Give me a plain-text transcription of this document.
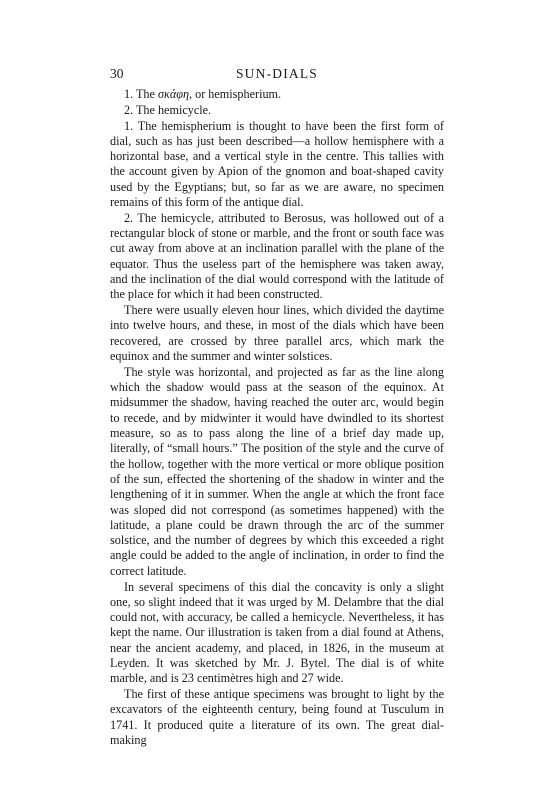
30	SUN-DIALS

1. The σκάφη, or hemispherium.

2. The hemicycle.

1. The hemispherium is thought to have been the first form of dial, such as has just been described—a hollow hemisphere with a horizontal base, and a vertical style in the centre. This tallies with the account given by Apion of the gnomon and boat-shaped cavity used by the Egyptians; but, so far as we are aware, no specimen remains of this form of the antique dial.

2. The hemicycle, attributed to Berosus, was hollowed out of a rectangular block of stone or marble, and the front or south face was cut away from above at an inclination parallel with the plane of the equator. Thus the useless part of the hemisphere was taken away, and the inclination of the dial would correspond with the latitude of the place for which it had been constructed.

There were usually eleven hour lines, which divided the daytime into twelve hours, and these, in most of the dials which have been recovered, are crossed by three parallel arcs, which mark the equinox and the summer and winter solstices.

The style was horizontal, and projected as far as the line along which the shadow would pass at the season of the equinox. At midsummer the shadow, having reached the outer arc, would begin to recede, and by midwinter it would have dwindled to its shortest measure, so as to pass along the line of a brief day made up, literally, of “small hours.” The position of the style and the curve of the hollow, together with the more vertical or more oblique position of the sun, effected the shortening of the shadow in winter and the lengthening of it in summer. When the angle at which the front face was sloped did not correspond (as sometimes happened) with the latitude, a plane could be drawn through the arc of the summer solstice, and the number of degrees by which this exceeded a right angle could be added to the angle of inclination, in order to find the correct latitude.

In several specimens of this dial the concavity is only a slight one, so slight indeed that it was urged by M. Delambre that the dial could not, with accuracy, be called a hemicycle. Nevertheless, it has kept the name. Our illustration is taken from a dial found at Athens, near the ancient academy, and placed, in 1826, in the museum at Leyden. It was sketched by Mr. J. Bytel. The dial is of white marble, and is 23 centimètres high and 27 wide.

The first of these antique specimens was brought to light by the excavators of the eighteenth century, being found at Tusculum in 1741. It produced quite a literature of its own. The great dial-making
